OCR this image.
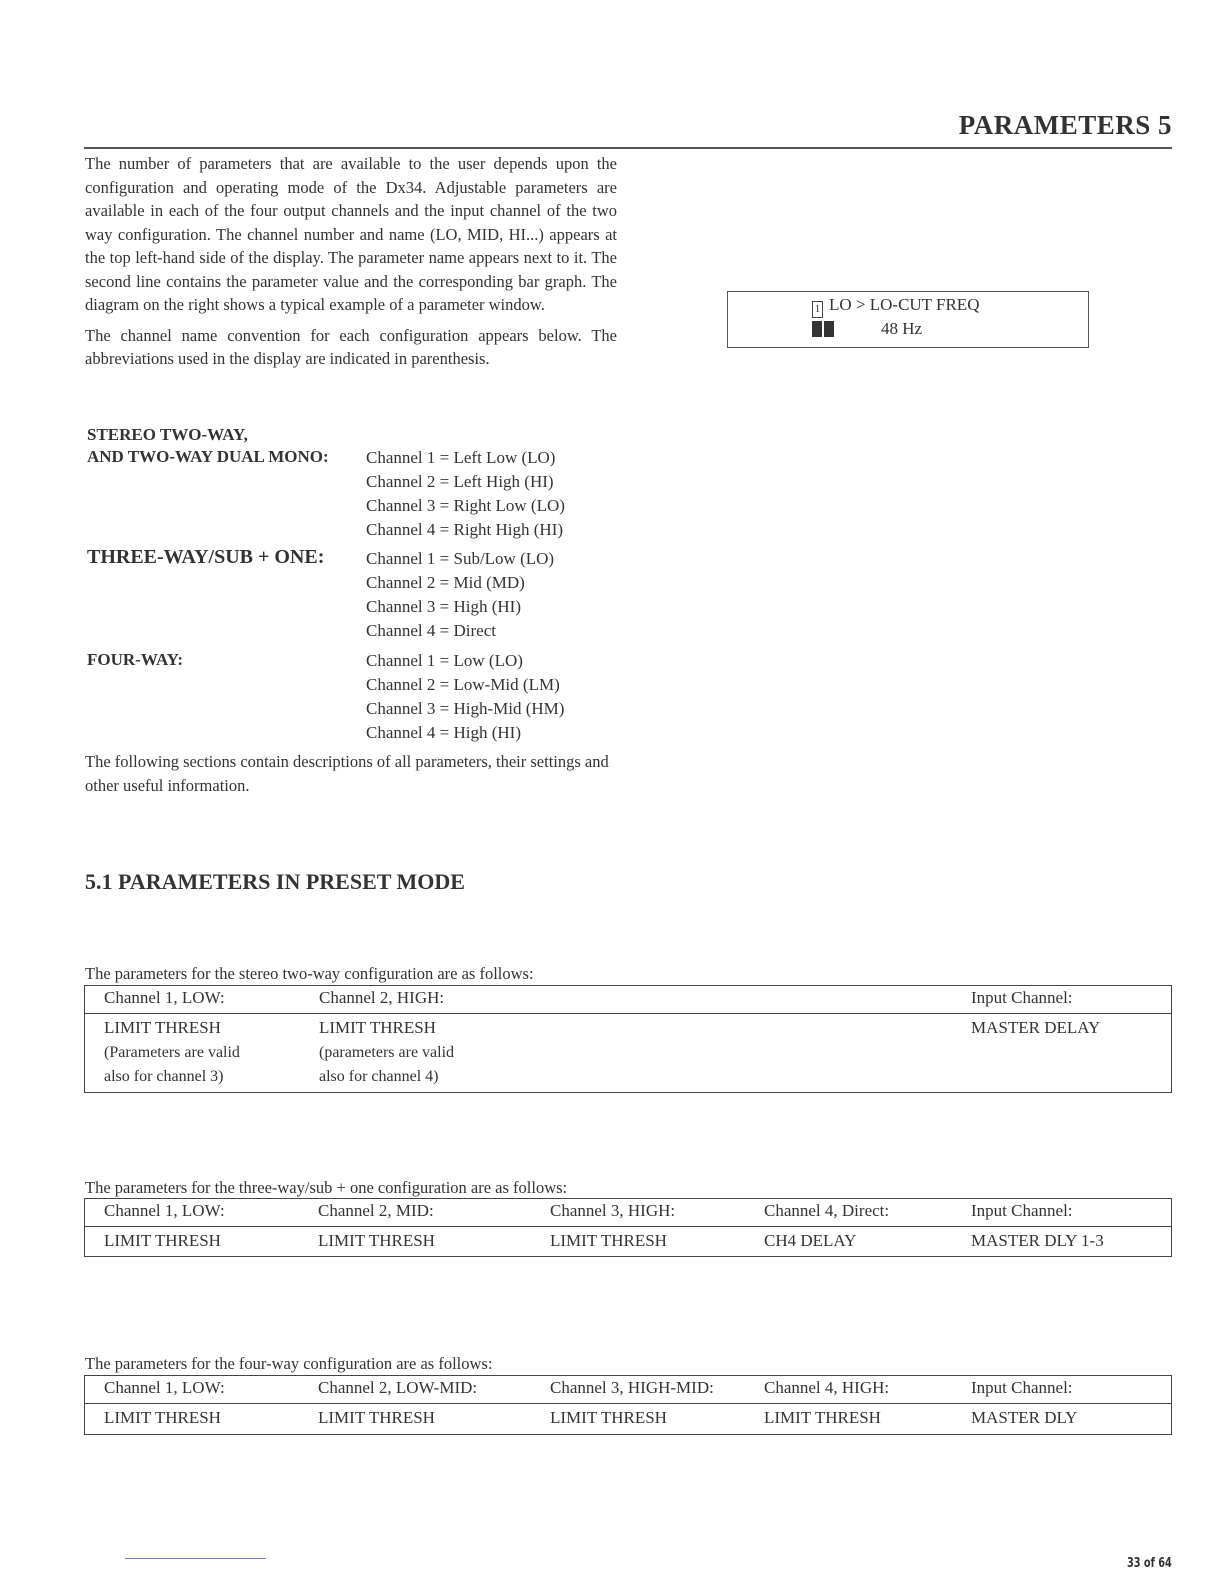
PARAMETERS 5

The number of parameters that are available to the user depends upon the configuration and operating mode of the Dx34. Adjustable parameters are available in each of the four output channels and the input channel of the two way configuration. The channel number and name (LO, MID, HI...) appears at the top left-hand side of the display. The parameter name appears next to it. The second line contains the parameter value and the corresponding bar graph. The diagram on the right shows a typical example of a parameter window.

The channel name convention for each configuration appears below. The abbreviations used in the display are indicated in parenthesis.

1 LO > LO-CUT FREQ
48 Hz
STEREO TWO-WAY,
AND TWO-WAY DUAL MONO: Channel 1 = Left Low (LO)
Channel 2 = Left High (HI)
Channel 3 = Right Low (LO)
Channel 4 = Right High (HI)
THREE-WAY/SUB + ONE: Channel 1 = Sub/Low (LO)
Channel 2 = Mid (MD)
Channel 3 = High (HI)
Channel 4 = Direct
FOUR-WAY:	Channel 1 = Low (LO)
Channel 2 = Low-Mid (LM)
Channel 3 = High-Mid (HM)
Channel 4 = High (HI)
The following sections contain descriptions of all parameters, their settings and other useful information.
5.1 PARAMETERS IN PRESET MODE
The parameters for the stereo two-way configuration are as follows:
Channel 1, LOW:	Channel 2, HIGH:	Input Channel:
LIMIT THRESH	LIMIT THRESH	MASTER DELAY
(Parameters are valid	(parameters are valid
also for channel 3)	also for channel 4)
The parameters for the three-way/sub + one configuration are as follows:
Channel 1, LOW:	Channel 2, MID:	Channel 3, HIGH:	Channel 4, Direct:	Input Channel:
LIMIT THRESH	LIMIT THRESH	LIMIT THRESH	CH4 DELAY	MASTER DLY 1-3
The parameters for the four-way configuration are as follows:
Channel 1, LOW:	Channel 2, LOW-MID:	Channel 3, HIGH-MID:	Channel 4, HIGH:	Input Channel:
LIMIT THRESH	LIMIT THRESH	LIMIT THRESH	LIMIT THRESH	MASTER DLY
33 of 64
